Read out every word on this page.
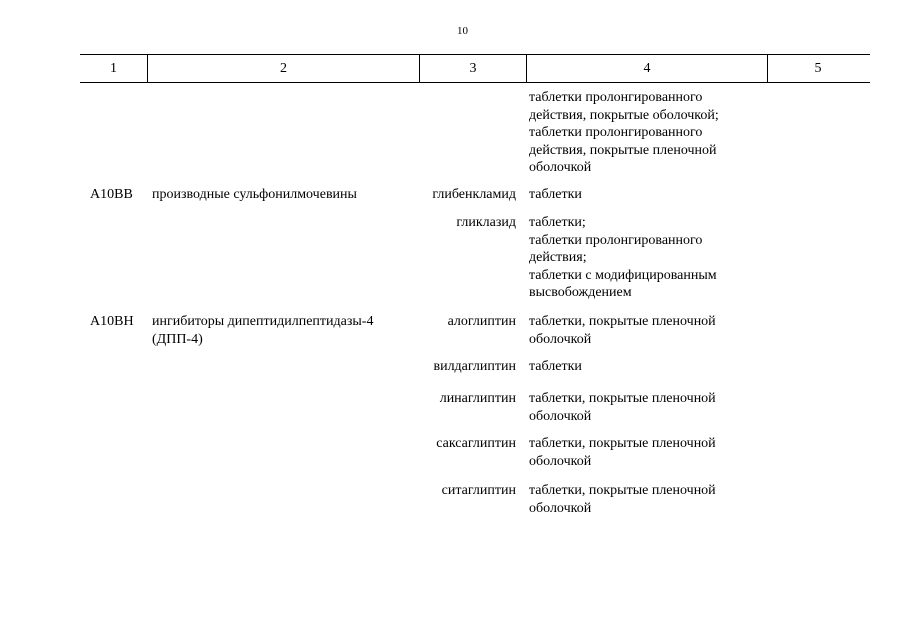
10
1	2	3	4	5
таблетки пролонгированного
действия, покрытые оболочкой;
таблетки пролонгированного
действия, покрытые пленочной
оболочкой
A10BB производные сульфонилмочевины	глибенкламид таблетки
гликлазид таблетки;
таблетки пролонгированного
действия;
таблетки с модифицированным
высвобождением
A10BH ингибиторы дипептидилпептидазы-4
(ДПП-4)
алоглиптин таблетки, покрытые пленочной
оболочкой
вилдаглиптин таблетки
линаглиптин таблетки, покрытые пленочной
оболочкой
саксаглиптин таблетки, покрытые пленочной
оболочкой
ситаглиптин таблетки, покрытые пленочной
оболочкой
